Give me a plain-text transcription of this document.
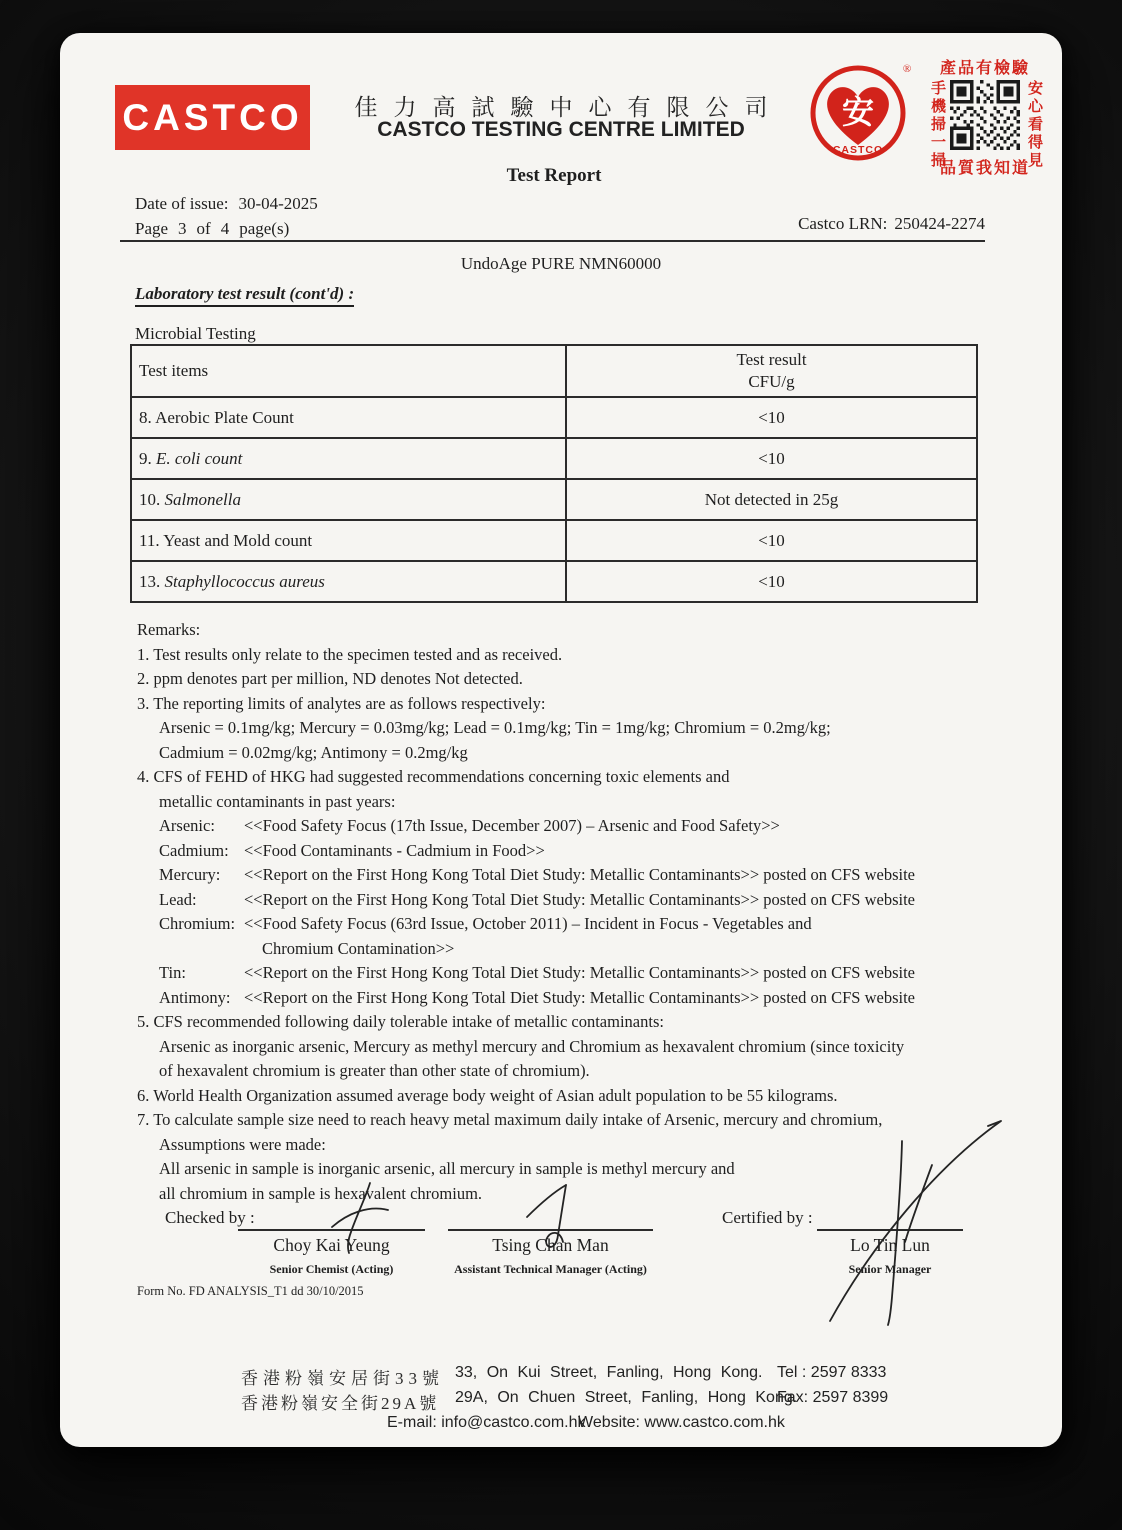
CASTCO	佳力高試驗中心有限公司
CASTCO TESTING CENTRE LIMITED
Test Report
安
CASTCO
®	產品有檢驗
手機掃一掃	安心看得見
品質我知道
Date of issue: 30-04-2025
Page 3 of 4 page(s)	Castco LRN: 250424-2274
UndoAge PURE NMN60000
Laboratory test result (cont'd) :
Microbial Testing
Test items	Test result
CFU/g

8. Aerobic Plate Count	<10
9. E. coli count	<10
10. Salmonella	Not detected in 25g
11. Yeast and Mold count	<10
13. Staphyllococcus aureus	<10
Remarks:
1. Test results only relate to the specimen tested and as received.
2. ppm denotes part per million, ND denotes Not detected.
3. The reporting limits of analytes are as follows respectively:
Arsenic = 0.1mg/kg; Mercury = 0.03mg/kg; Lead = 0.1mg/kg; Tin = 1mg/kg; Chromium = 0.2mg/kg;
Cadmium = 0.02mg/kg; Antimony = 0.2mg/kg
4. CFS of FEHD of HKG had suggested recommendations concerning toxic elements and
metallic contaminants in past years:
Arsenic: <<Food Safety Focus (17th Issue, December 2007) – Arsenic and Food Safety>>
Cadmium: <<Food Contaminants - Cadmium in Food>>
Mercury: <<Report on the First Hong Kong Total Diet Study: Metallic Contaminants>> posted on CFS website
Lead:	<<Report on the First Hong Kong Total Diet Study: Metallic Contaminants>> posted on CFS website
Chromium: <<Food Safety Focus (63rd Issue, October 2011) – Incident in Focus - Vegetables and
Chromium Contamination>>
Tin:	<<Report on the First Hong Kong Total Diet Study: Metallic Contaminants>> posted on CFS website
Antimony: <<Report on the First Hong Kong Total Diet Study: Metallic Contaminants>> posted on CFS website
5. CFS recommended following daily tolerable intake of metallic contaminants:
Arsenic as inorganic arsenic, Mercury as methyl mercury and Chromium as hexavalent chromium (since toxicity
of hexavalent chromium is greater than other state of chromium).
6. World Health Organization assumed average body weight of Asian adult population to be 55 kilograms.
7. To calculate sample size need to reach heavy metal maximum daily intake of Arsenic, mercury and chromium,
Assumptions were made:
All arsenic in sample is inorganic arsenic, all mercury in sample is methyl mercury and
all chromium in sample is hexavalent chromium.
Checked by :
Choy Kai Yeung
Senior Chemist (Acting)
Tsing Chan Man
Assistant Technical Manager (Acting)
Certified by :
Lo Tin Lun
Senior Manager
Form No. FD ANALYSIS_T1 dd 30/10/2015
香港粉嶺安居街33號 33, On Kui Street, Fanling, Hong Kong. Tel : 2597 8333
香港粉嶺安全街29A號 29A, On Chuen Street, Fanling, Hong Kong.
Fax: 2597 8399
E-mail: info@castco.com.hk
Website: www.castco.com.hk
